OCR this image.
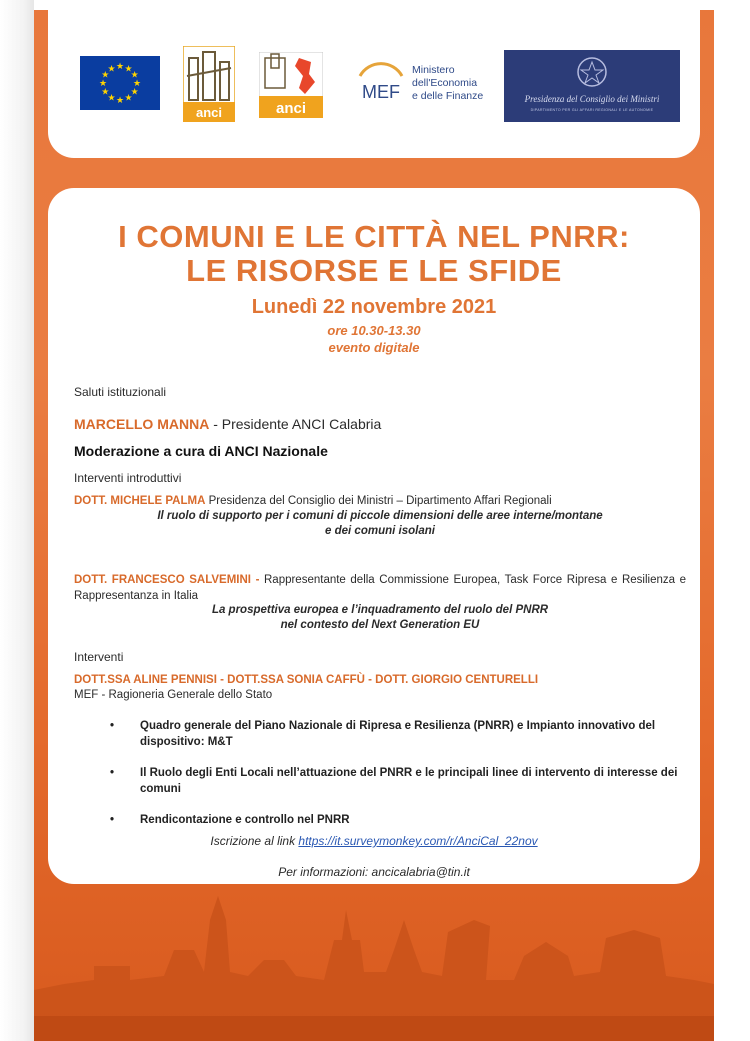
★
★
★
★
★
★
★
★
★ ★ ★
★
anci	anci
MEF
Ministero
dell'Economia
e delle Finanze	Presidenza del Consiglio dei Ministri
DIPARTIMENTO PER GLI AFFARI REGIONALI E LE AUTONOMIE
I COMUNI E LE CITTÀ NEL PNRR:
LE RISORSE E LE SFIDE
Lunedì 22 novembre 2021
ore 10.30-13.30
evento digitale
Saluti istituzionali
MARCELLO MANNA - Presidente ANCI Calabria
Moderazione a cura di ANCI Nazionale
Interventi introduttivi
DOTT. MICHELE PALMA Presidenza del Consiglio dei Ministri – Dipartimento Affari Regionali
Il ruolo di supporto per i comuni di piccole dimensioni delle aree interne/montane
e dei comuni isolani
DOTT. FRANCESCO SALVEMINI - Rappresentante della Commissione Europea, Task Force Ripresa e Resilienza e Rappresentanza in Italia
La prospettiva europea e l’inquadramento del ruolo del PNRR
nel contesto del Next Generation EU
Interventi
DOTT.SSA ALINE PENNISI - DOTT.SSA SONIA CAFFÙ - DOTT. GIORGIO CENTURELLI
MEF - Ragioneria Generale dello Stato
• Quadro generale del Piano Nazionale di Ripresa e Resilienza (PNRR) e Impianto innovativo del dispositivo: M&T
• Il Ruolo degli Enti Locali nell’attuazione del PNRR e le principali linee di intervento di interesse dei comuni
• Rendicontazione e controllo nel PNRR
Iscrizione al link https://it.surveymonkey.com/r/AnciCal_22nov
Per informazioni: ancicalabria@tin.it
